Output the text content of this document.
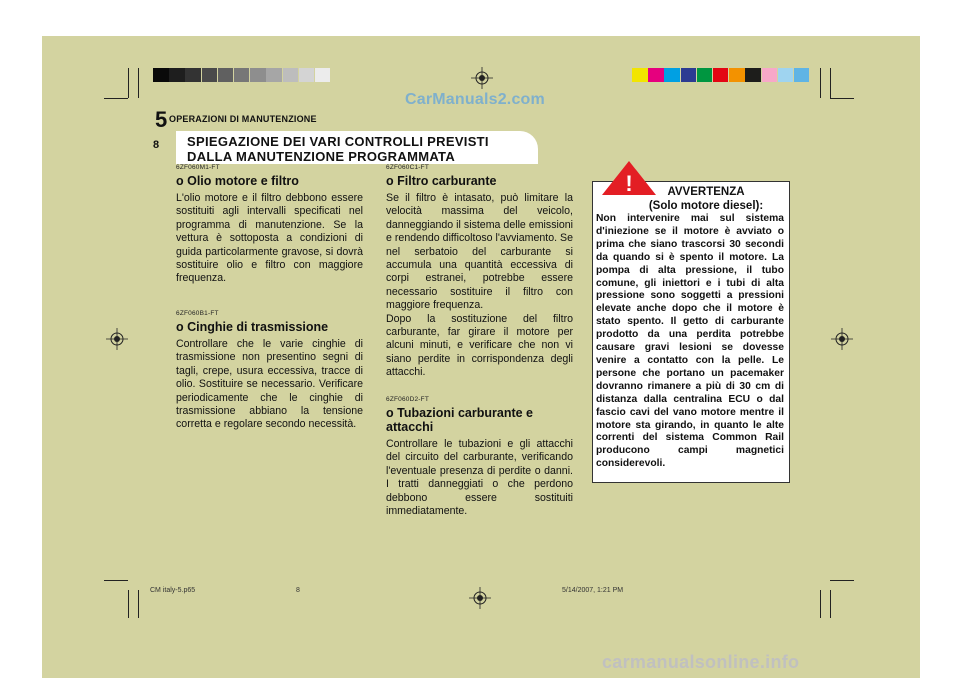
CarManuals2.com
5 OPERAZIONI DI MANUTENZIONE
8 SPIEGAZIONE DEI VARI CONTROLLI PREVISTI DALLA MANUTENZIONE PROGRAMMATA
6ZF060M1-FT
o Olio motore e filtro
L'olio motore e il filtro debbono essere sostituiti agli intervalli specificati nel programma di manutenzione. Se la vettura è sottoposta a condizioni di guida particolarmente gravose, si dovrà sostituire olio e filtro con maggiore frequenza.
6ZF060B1-FT
o Cinghie di trasmissione
Controllare che le varie cinghie di trasmissione non presentino segni di tagli, crepe, usura eccessiva, tracce di olio. Sostituire se necessario. Verificare periodicamente che le cinghie di trasmissione abbiano la tensione corretta e regolare secondo necessità.
6ZF060C1-FT
o Filtro carburante
Se il filtro è intasato, può limitare la velocità massima del veicolo, danneggiando il sistema delle emissioni e rendendo difficoltoso l'avviamento. Se nel serbatoio del carburante si accumula una quantità eccessiva di corpi estranei, potrebbe essere necessario sostituire il filtro con maggiore frequenza.
Dopo la sostituzione del filtro carburante, far girare il motore per alcuni minuti, e verificare che non vi siano perdite in corrispondenza degli attacchi.
6ZF060D2-FT
o Tubazioni carburante e attacchi
Controllare le tubazioni e gli attacchi del circuito del carburante, verificando l'eventuale presenza di perdite o danni. I tratti danneggiati o che perdono debbono essere sostituiti immediatamente.
!	AVVERTENZA
(Solo motore diesel):
Non intervenire mai sul sistema d'iniezione se il motore è avviato o prima che siano trascorsi 30 secondi da quando si è spento il motore. La pompa di alta pressione, il tubo comune, gli iniettori e i tubi di alta pressione sono soggetti a pressioni elevate anche dopo che il motore è stato spento. Il getto di carburante prodotto da una perdita potrebbe causare gravi lesioni se dovesse venire a contatto con la pelle. Le persone che portano un pacemaker dovranno rimanere a più di 30 cm di distanza dalla centralina ECU o dal fascio cavi del vano motore mentre il motore sta girando, in quanto le alte correnti del sistema Common Rail producono campi magnetici considerevoli.
CM italy-5.p65	8	5/14/2007, 1:21 PM
carmanualsonline.info
